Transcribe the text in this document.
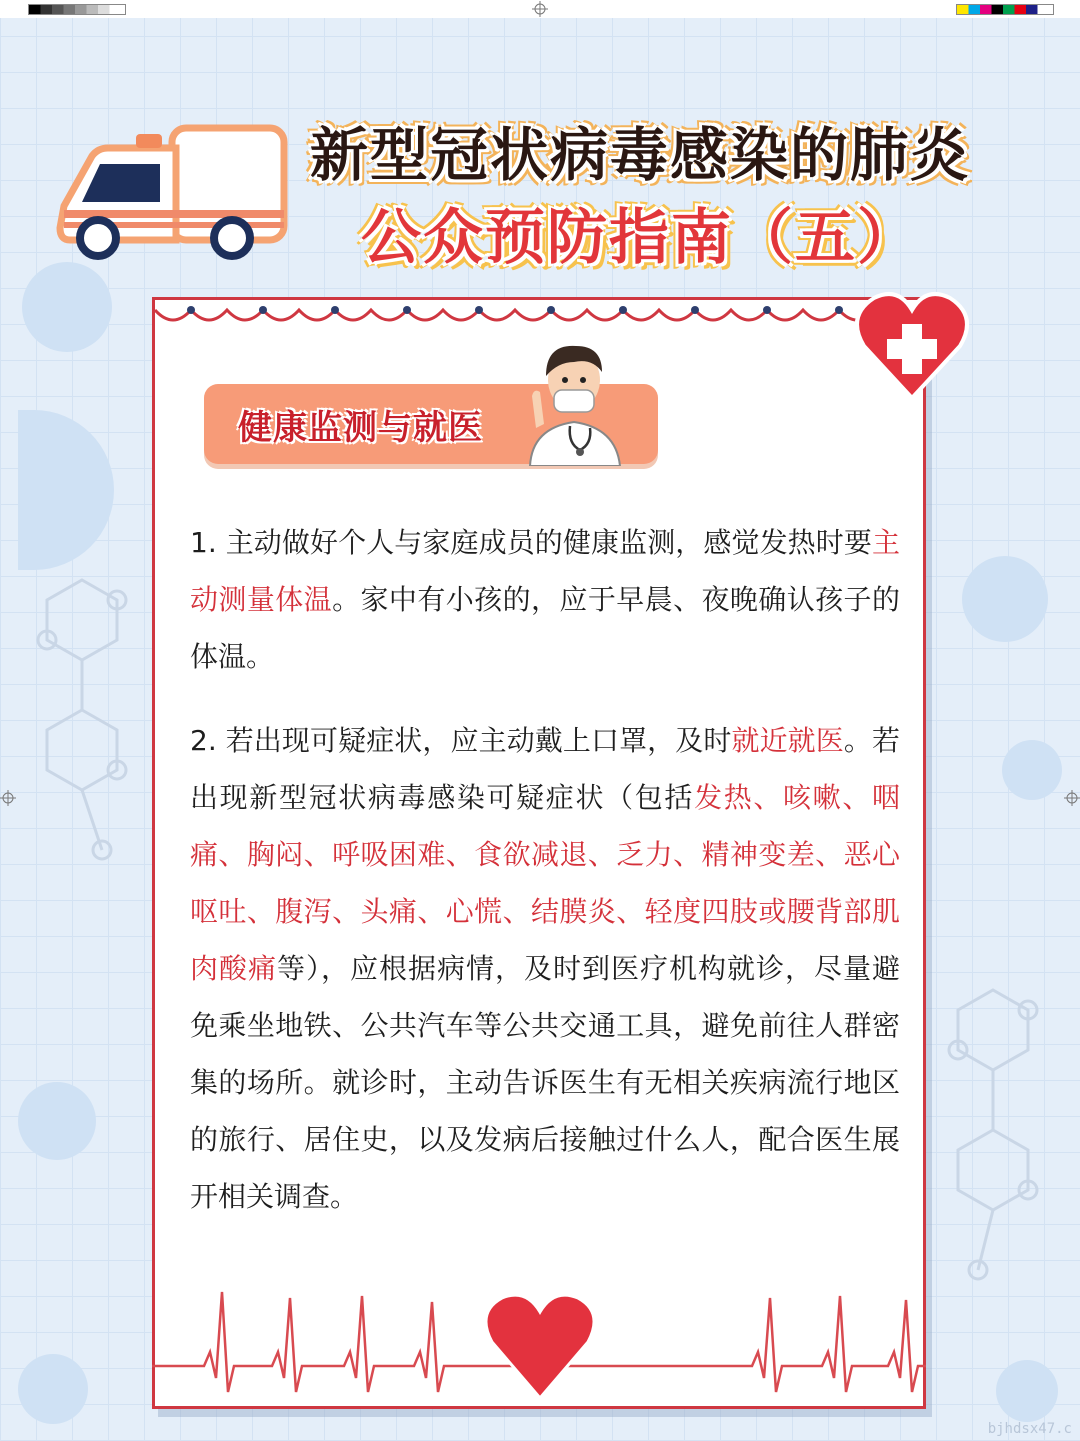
新型冠状病毒感染的肺炎
公众预防指南（五）
健康监测与就医

1. 主动做好个人与家庭成员的健康监测，感觉发热时要主动测量体温。家中有小孩的，应于早晨、夜晚确认孩子的体温。

2. 若出现可疑症状，应主动戴上口罩，及时就近就医。若出现新型冠状病毒感染可疑症状（包括发热、咳嗽、咽痛、胸闷、呼吸困难、食欲减退、乏力、精神变差、恶心呕吐、腹泻、头痛、心慌、结膜炎、轻度四肢或腰背部肌肉酸痛等），应根据病情，及时到医疗机构就诊，尽量避免乘坐地铁、公共汽车等公共交通工具，避免前往人群密集的场所。就诊时，主动告诉医生有无相关疾病流行地区的旅行、居住史，以及发病后接触过什么人，配合医生展开相关调查。

bjhdsx47.c
